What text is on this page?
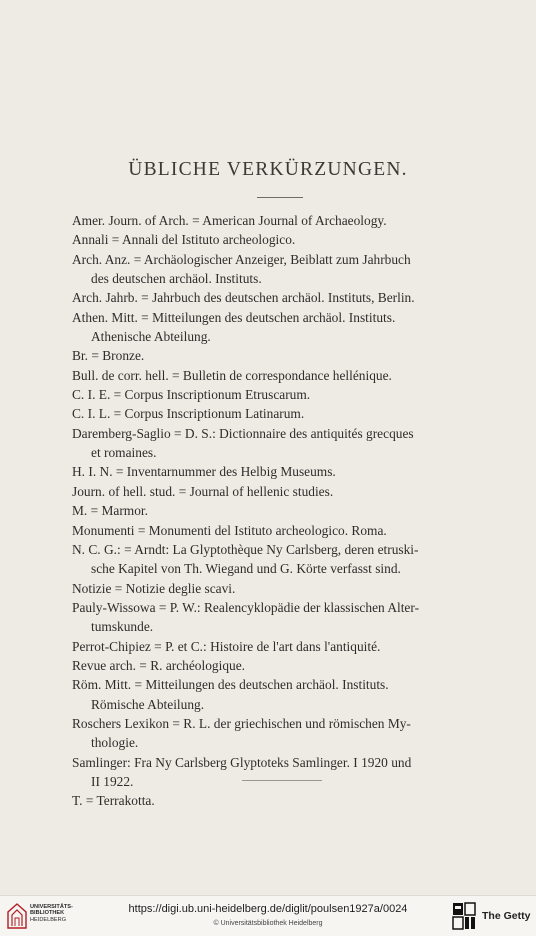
ÜBLICHE VERKÜRZUNGEN.
Amer. Journ. of Arch. = American Journal of Archaeology.
Annali = Annali del Istituto archeologico.
Arch. Anz. = Archäologischer Anzeiger, Beiblatt zum Jahrbuch
des deutschen archäol. Instituts.
Arch. Jahrb. = Jahrbuch des deutschen archäol. Instituts, Berlin.
Athen. Mitt. = Mitteilungen des deutschen archäol. Instituts.
Athenische Abteilung.
Br. = Bronze.
Bull. de corr. hell. = Bulletin de correspondance hellénique.
C. I. E. = Corpus Inscriptionum Etruscarum.
C. I. L. = Corpus Inscriptionum Latinarum.
Daremberg-Saglio = D. S.: Dictionnaire des antiquités grecques
et romaines.
H. I. N. = Inventarnummer des Helbig Museums.
Journ. of hell. stud. = Journal of hellenic studies.
M. = Marmor.
Monumenti = Monumenti del Istituto archeologico. Roma.
N. C. G.: = Arndt: La Glyptothèque Ny Carlsberg, deren etruski-
sche Kapitel von Th. Wiegand und G. Körte verfasst sind.
Notizie = Notizie deglie scavi.
Pauly-Wissowa = P. W.: Realencyklopädie der klassischen Alter-
tumskunde.
Perrot-Chipiez = P. et C.: Histoire de l'art dans l'antiquité.
Revue arch. = R. archéologique.
Röm. Mitt. = Mitteilungen des deutschen archäol. Instituts.
Römische Abteilung.
Roschers Lexikon = R. L. der griechischen und römischen My-
thologie.
Samlinger: Fra Ny Carlsberg Glyptoteks Samlinger. I 1920 und
II 1922.
T. = Terrakotta.
UNIVERSITÄTS-
BIBLIOTHEK
HEIDELBERG
https://digi.ub.uni-heidelberg.de/diglit/poulsen1927a/0024
© Universitätsbibliothek Heidelberg
The Getty
